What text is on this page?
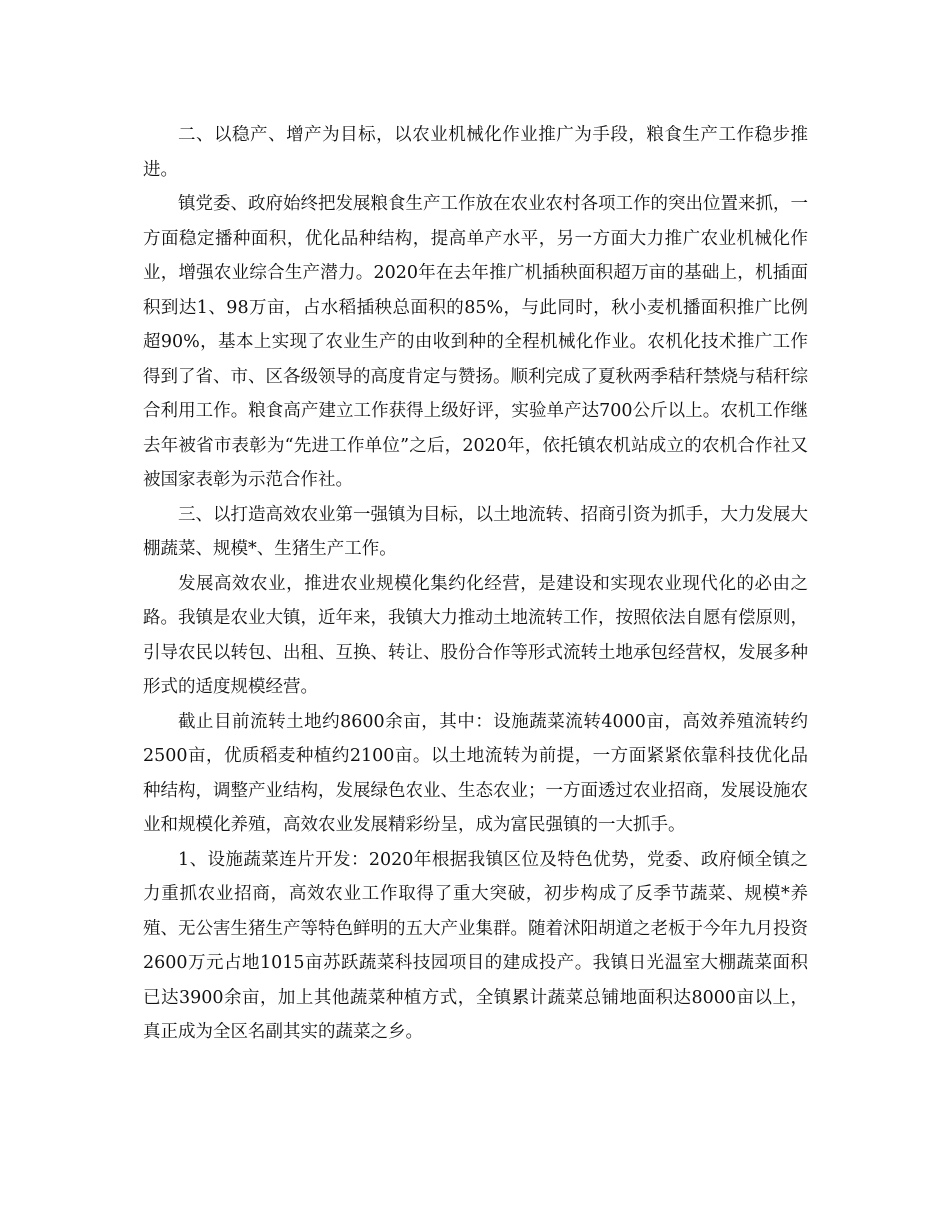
二、以稳产、增产为目标，以农业机械化作业推广为手段，粮食生产工作稳步推进。

镇党委、政府始终把发展粮食生产工作放在农业农村各项工作的突出位置来抓，一方面稳定播种面积，优化品种结构，提高单产水平，另一方面大力推广农业机械化作业，增强农业综合生产潜力。2020年在去年推广机插秧面积超万亩的基础上，机插面积到达1、98万亩，占水稻插秧总面积的85%，与此同时，秋小麦机播面积推广比例超90%，基本上实现了农业生产的由收到种的全程机械化作业。农机化技术推广工作得到了省、市、区各级领导的高度肯定与赞扬。顺利完成了夏秋两季秸秆禁烧与秸秆综合利用工作。粮食高产建立工作获得上级好评，实验单产达700公斤以上。农机工作继去年被省市表彰为“先进工作单位”之后，2020年，依托镇农机站成立的农机合作社又被国家表彰为示范合作社。

三、以打造高效农业第一强镇为目标，以土地流转、招商引资为抓手，大力发展大棚蔬菜、规模*、生猪生产工作。

发展高效农业，推进农业规模化集约化经营，是建设和实现农业现代化的必由之路。我镇是农业大镇，近年来，我镇大力推动土地流转工作，按照依法自愿有偿原则，引导农民以转包、出租、互换、转让、股份合作等形式流转土地承包经营权，发展多种形式的适度规模经营。

截止目前流转土地约8600余亩，其中：设施蔬菜流转4000亩，高效养殖流转约2500亩，优质稻麦种植约2100亩。以土地流转为前提，一方面紧紧依靠科技优化品种结构，调整产业结构，发展绿色农业、生态农业；一方面透过农业招商，发展设施农业和规模化养殖，高效农业发展精彩纷呈，成为富民强镇的一大抓手。

1、设施蔬菜连片开发：2020年根据我镇区位及特色优势，党委、政府倾全镇之力重抓农业招商，高效农业工作取得了重大突破，初步构成了反季节蔬菜、规模*养殖、无公害生猪生产等特色鲜明的五大产业集群。随着沭阳胡道之老板于今年九月投资2600万元占地1015亩苏跃蔬菜科技园项目的建成投产。我镇日光温室大棚蔬菜面积已达3900余亩，加上其他蔬菜种植方式，全镇累计蔬菜总铺地面积达8000亩以上，真正成为全区名副其实的蔬菜之乡。
